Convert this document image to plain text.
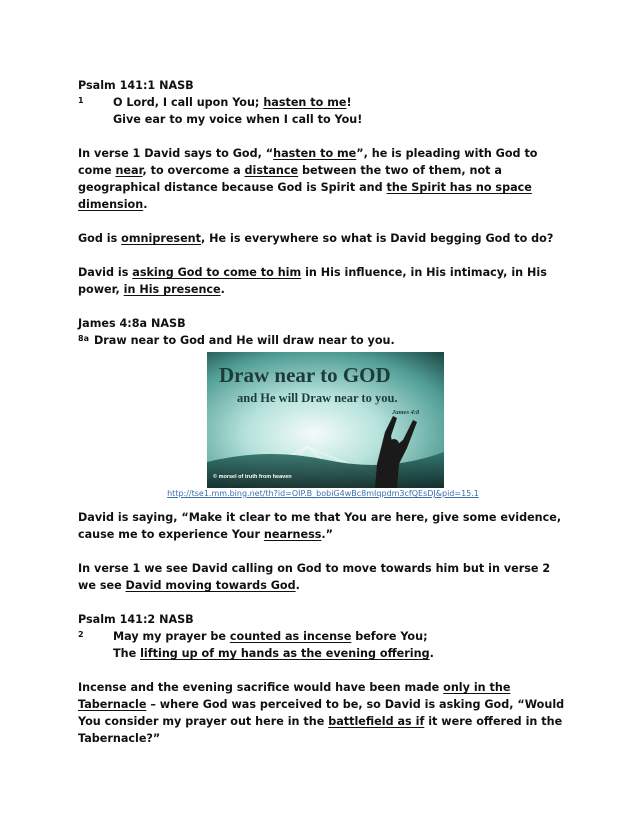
Psalm 141:1 NASB

1	O Lord, I call upon You; hasten to me!

Give ear to my voice when I call to You!

In verse 1 David says to God, “hasten to me”, he is pleading with God to come near, to overcome a distance between the two of them, not a geographical distance because God is Spirit and the Spirit has no space dimension.

God is omnipresent, He is everywhere so what is David begging God to do?

David is asking God to come to him in His influence, in His intimacy, in His power, in His presence.

James 4:8a NASB

8a Draw near to God and He will draw near to you.
Draw near to GOD
and He will Draw near to you.
James 4:8
© morsel of truth from heaven

http://tse1.mm.bing.net/th?id=OIP.B_bobiG4wBc8mIqpdm3cfQEsDJ&pid=15.1

David is saying, “Make it clear to me that You are here, give some evidence, cause me to experience Your nearness.”

In verse 1 we see David calling on God to move towards him but in verse 2 we see David moving towards God.

Psalm 141:2 NASB

2	May my prayer be counted as incense before You;

The lifting up of my hands as the evening offering.

Incense and the evening sacrifice would have been made only in the Tabernacle – where God was perceived to be, so David is asking God, “Would You consider my prayer out here in the battlefield as if it were offered in the Tabernacle?”
